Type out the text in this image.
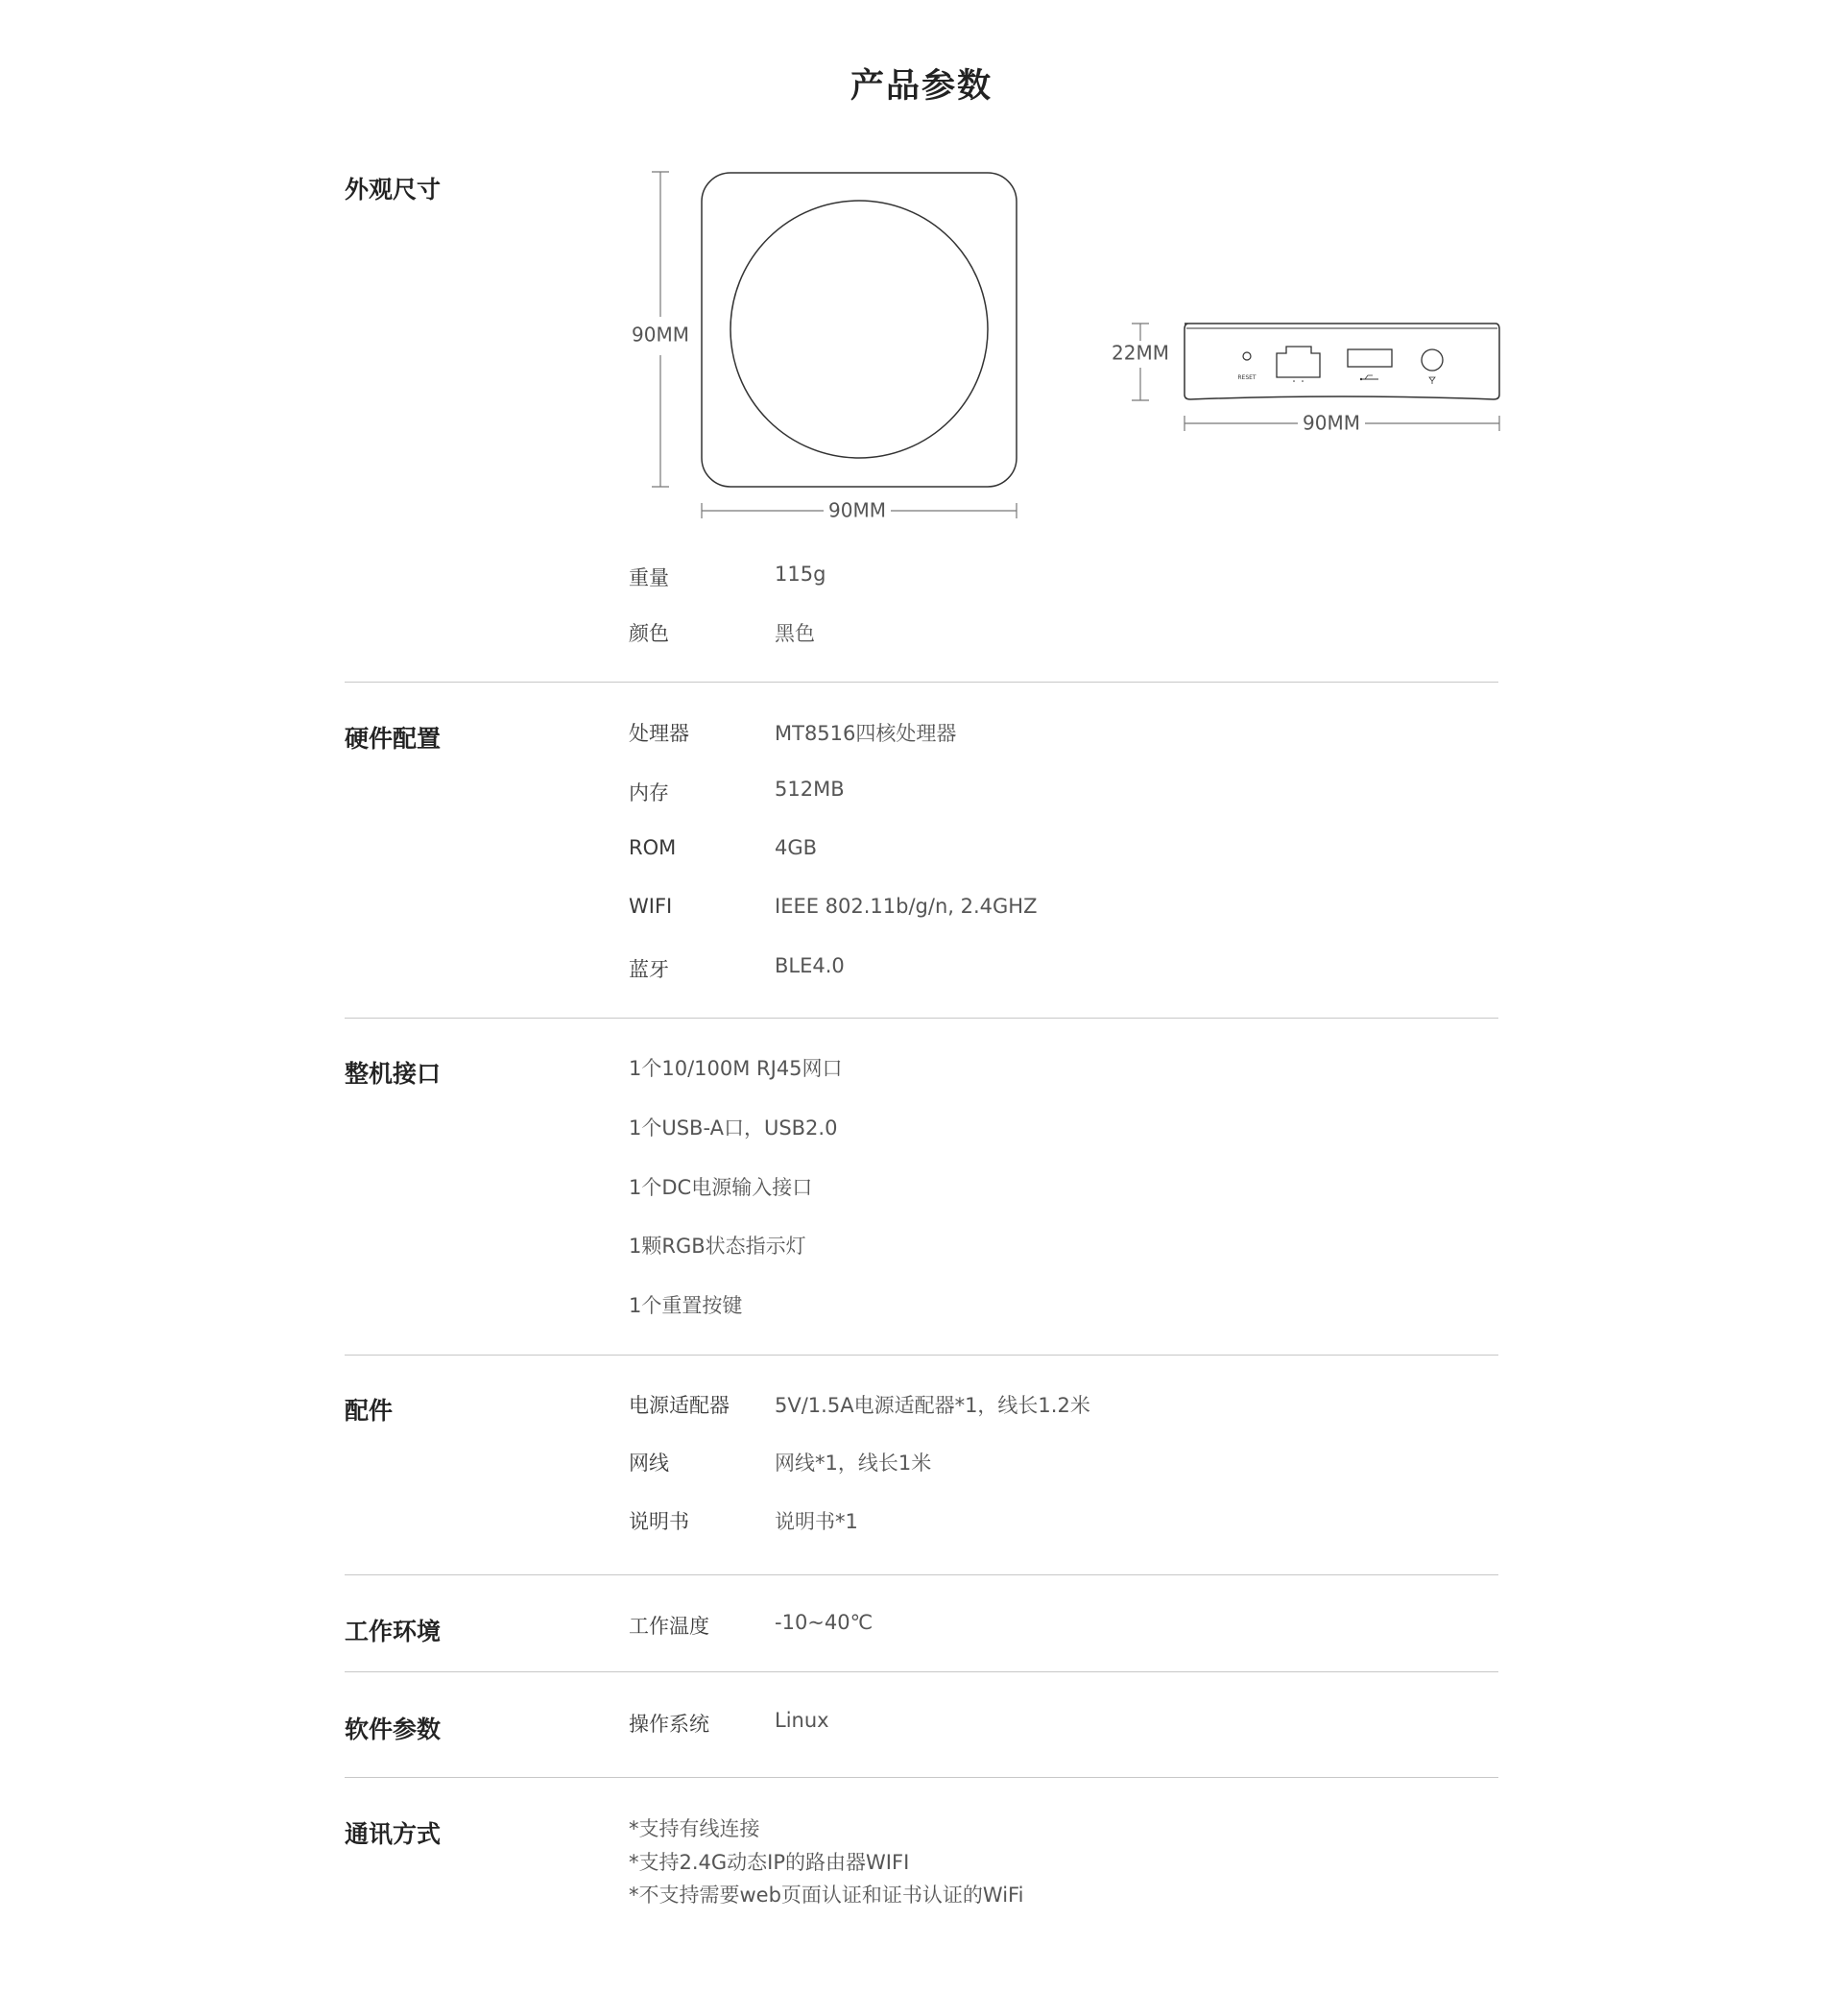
产品参数
外观尺寸
90MM
90MM
22MM
RESET
90MM
重量	115g
颜色	黑色
硬件配置	处理器	MT8516四核处理器
内存	512MB
ROM	4GB
WIFI	IEEE 802.11b/g/n, 2.4GHZ
蓝牙	BLE4.0
整机接口	1个10/100M RJ45网口
1个USB-A口，USB2.0
1个DC电源输入接口
1颗RGB状态指示灯
1个重置按键
配件	电源适配器 5V/1.5A电源适配器*1，线长1.2米
网线	网线*1，线长1米
说明书	说明书*1
工作环境	工作温度	-10~40℃
软件参数	操作系统	Linux
通讯方式	*支持有线连接
*支持2.4G动态IP的路由器WIFI
*不支持需要web页面认证和证书认证的WiFi
